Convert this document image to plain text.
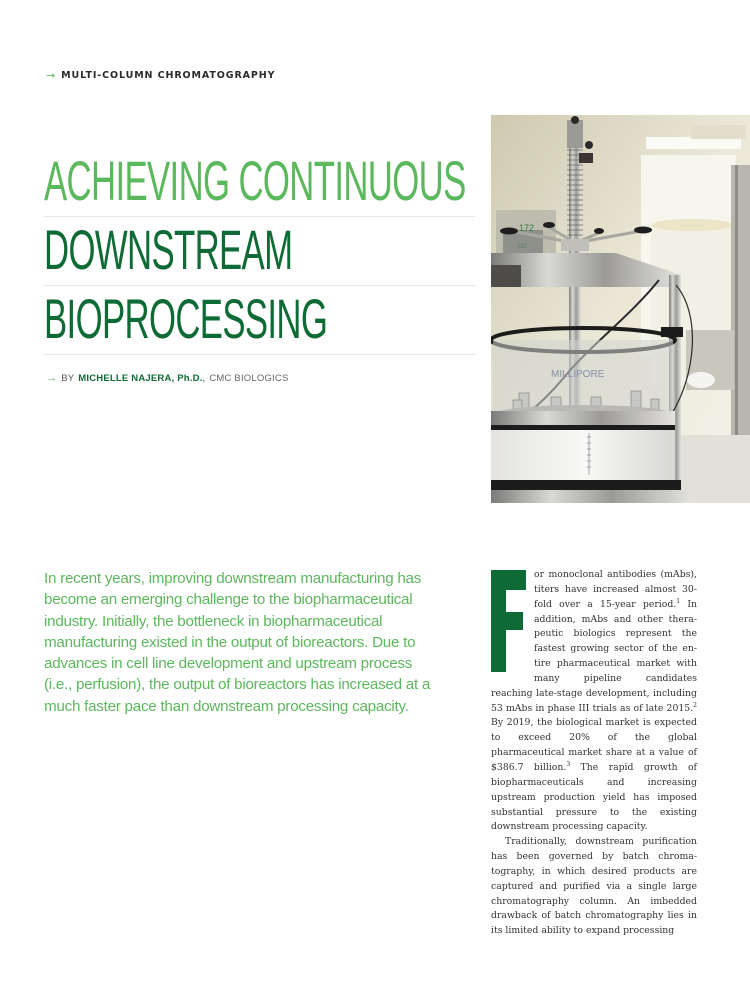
→ MULTI-COLUMN CHROMATOGRAPHY
ACHIEVING CONTINUOUS
DOWNSTREAM
BIOPROCESSING
→ BY MICHELLE NAJERA, Ph.D. , CMC BIOLOGICS
172
162
MILLIPORE
In recent years, improving downstream manufacturing has become an emerging challenge to the biopharmaceutical industry. Initially, the bottleneck in biopharmaceutical manufacturing existed in the output of bioreactors. Due to advances in cell line development and upstream process (i.e., perfusion), the output of bioreactors has increased at a much faster pace than downstream processing capacity.

or monoclonal antibodies (mAbs), titers have increased almost 30-fold over a 15-year period.$^1$ In addition, mAbs and other therapeutic biologics represent the fastest growing sector of the entire pharmaceutical market with many pipeline candidates reaching late-stage development, including 53 mAbs in phase III trials as of late 2015.$^2$ By 2019, the biological market is expected to exceed 20% of the global pharmaceutical market share at a value of $386.7 billion.$^3$ The rapid growth of biopharmaceuticals and increasing upstream production yield has imposed substantial pressure to the existing downstream processing capacity.

Traditionally, downstream purification has been governed by batch chromatography, in which desired products are captured and purified via a single large chromatography column. An imbedded drawback of batch chromatography lies in its limited ability to expand processing
